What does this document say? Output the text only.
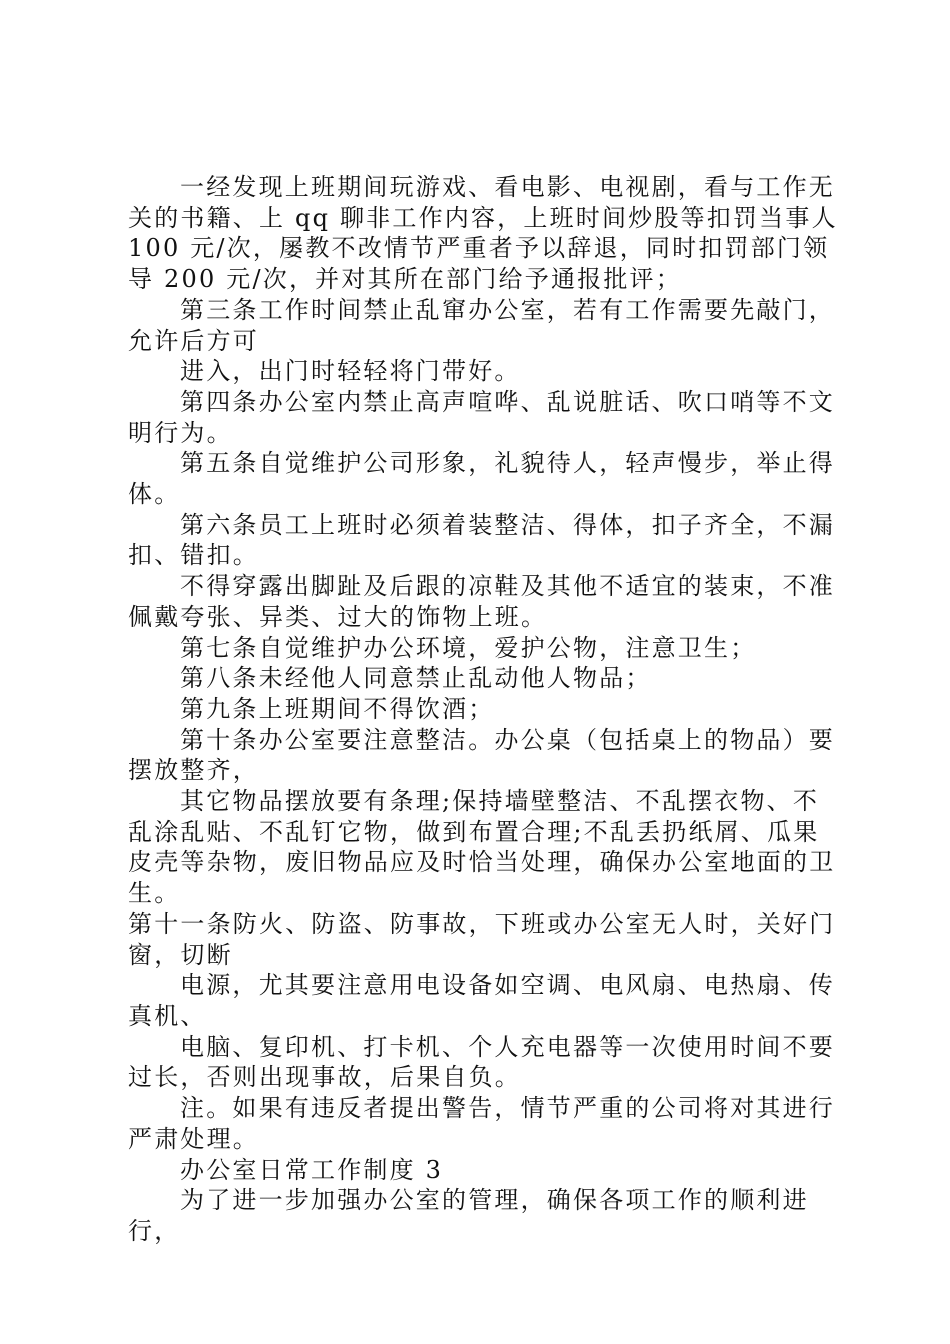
一经发现上班期间玩游戏、看电影、电视剧，看与工作无关的书籍、上 qq 聊非工作内容，上班时间炒股等扣罚当事人 100 元/次，屡教不改情节严重者予以辞退，同时扣罚部门领导 200 元/次，并对其所在部门给予通报批评；

第三条工作时间禁止乱窜办公室，若有工作需要先敲门，允许后方可

进入，出门时轻轻将门带好。

第四条办公室内禁止高声喧哗、乱说脏话、吹口哨等不文明行为。

第五条自觉维护公司形象，礼貌待人，轻声慢步，举止得体。

第六条员工上班时必须着装整洁、得体，扣子齐全，不漏扣、错扣。

不得穿露出脚趾及后跟的凉鞋及其他不适宜的装束，不准佩戴夸张、异类、过大的饰物上班。

第七条自觉维护办公环境，爱护公物，注意卫生；

第八条未经他人同意禁止乱动他人物品；

第九条上班期间不得饮酒；

第十条办公室要注意整洁。办公桌（包括桌上的物品）要摆放整齐，

其它物品摆放要有条理;保持墙壁整洁、不乱摆衣物、不乱涂乱贴、不乱钉它物，做到布置合理;不乱丢扔纸屑、瓜果皮壳等杂物，废旧物品应及时恰当处理，确保办公室地面的卫生。

第十一条防火、防盗、防事故，下班或办公室无人时，关好门窗，切断

电源，尤其要注意用电设备如空调、电风扇、电热扇、传真机、

电脑、复印机、打卡机、个人充电器等一次使用时间不要过长，否则出现事故，后果自负。

注。如果有违反者提出警告，情节严重的公司将对其进行严肃处理。

办公室日常工作制度 3

为了进一步加强办公室的管理，确保各项工作的顺利进行，
